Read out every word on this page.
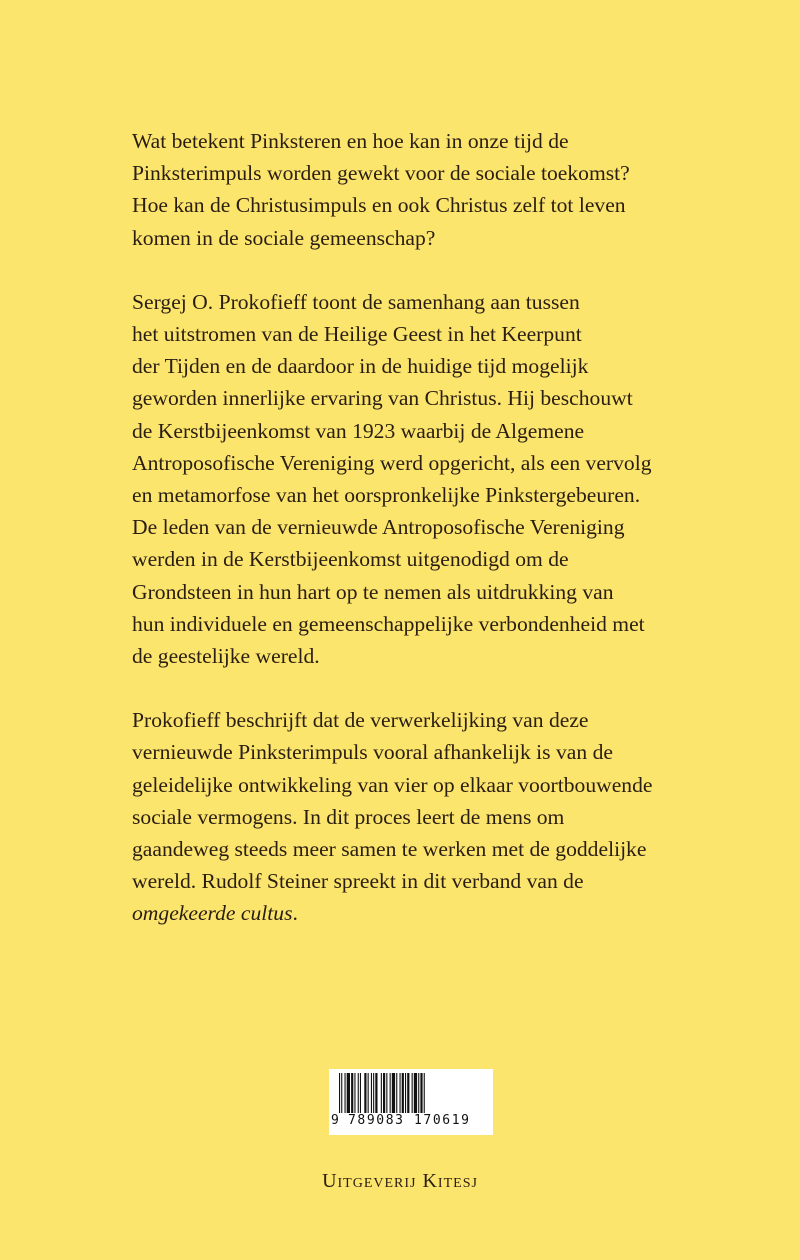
Wat betekent Pinksteren en hoe kan in onze tijd de
Pinksterimpuls worden gewekt voor de sociale toekomst?
Hoe kan de Christusimpuls en ook Christus zelf tot leven
komen in de sociale gemeenschap?

Sergej O. Prokofieff toont de samenhang aan tussen
het uitstromen van de Heilige Geest in het Keerpunt
der Tijden en de daardoor in de huidige tijd mogelijk
geworden innerlijke ervaring van Christus. Hij beschouwt
de Kerstbijeenkomst van 1923 waarbij de Algemene
Antroposofische Vereniging werd opgericht, als een vervolg
en metamorfose van het oorspronkelijke Pinkstergebeuren.
De leden van de vernieuwde Antroposofische Vereniging
werden in de Kerstbijeenkomst uitgenodigd om de
Grondsteen in hun hart op te nemen als uitdrukking van
hun individuele en gemeenschappelijke verbondenheid met
de geestelijke wereld.

Prokofieff beschrijft dat de verwerkelijking van deze
vernieuwde Pinksterimpuls vooral afhankelijk is van de
geleidelijke ontwikkeling van vier op elkaar voortbouwende
sociale vermogens. In dit proces leert de mens om
gaandeweg steeds meer samen te werken met de goddelijke
wereld. Rudolf Steiner spreekt in dit verband van de
omgekeerde cultus.

9 789083 170619
Uitgeverij Kitesj
